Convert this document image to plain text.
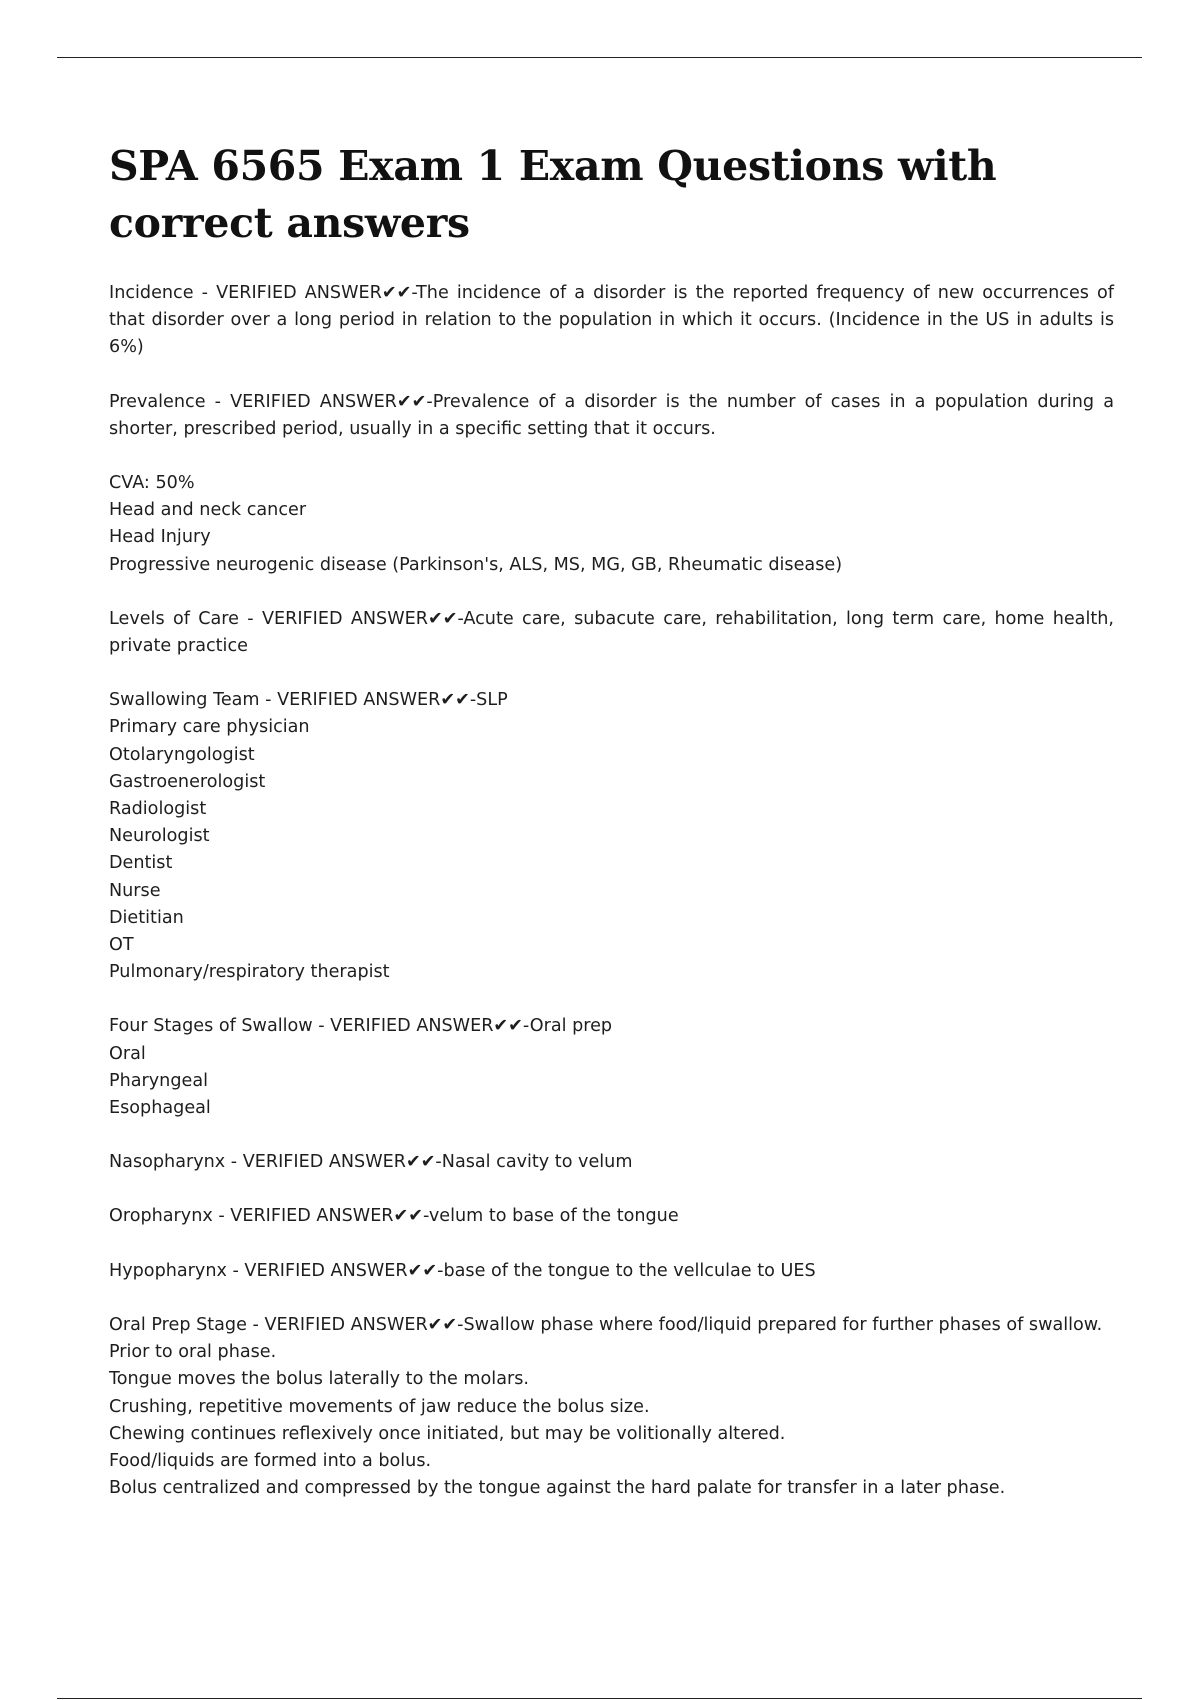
SPA 6565 Exam 1 Exam Questions with correct answers
Incidence - VERIFIED ANSWER✔✔-The incidence of a disorder is the reported frequency of new occurrences of that disorder over a long period in relation to the population in which it occurs. (Incidence in the US in adults is 6%)
Prevalence - VERIFIED ANSWER✔✔-Prevalence of a disorder is the number of cases in a population during a shorter, prescribed period, usually in a specific setting that it occurs.
CVA: 50%
Head and neck cancer
Head Injury
Progressive neurogenic disease (Parkinson's, ALS, MS, MG, GB, Rheumatic disease)
Levels of Care - VERIFIED ANSWER✔✔-Acute care, subacute care, rehabilitation, long term care, home health, private practice
Swallowing Team - VERIFIED ANSWER✔✔-SLP
Primary care physician
Otolaryngologist
Gastroenerologist
Radiologist
Neurologist
Dentist
Nurse
Dietitian
OT
Pulmonary/respiratory therapist
Four Stages of Swallow - VERIFIED ANSWER✔✔-Oral prep
Oral
Pharyngeal
Esophageal
Nasopharynx - VERIFIED ANSWER✔✔-Nasal cavity to velum
Oropharynx - VERIFIED ANSWER✔✔-velum to base of the tongue
Hypopharynx - VERIFIED ANSWER✔✔-base of the tongue to the vellculae to UES
Oral Prep Stage - VERIFIED ANSWER✔✔-Swallow phase where food/liquid prepared for further phases of swallow.
Prior to oral phase.
Tongue moves the bolus laterally to the molars.
Crushing, repetitive movements of jaw reduce the bolus size.
Chewing continues reflexively once initiated, but may be volitionally altered.
Food/liquids are formed into a bolus.
Bolus centralized and compressed by the tongue against the hard palate for transfer in a later phase.
